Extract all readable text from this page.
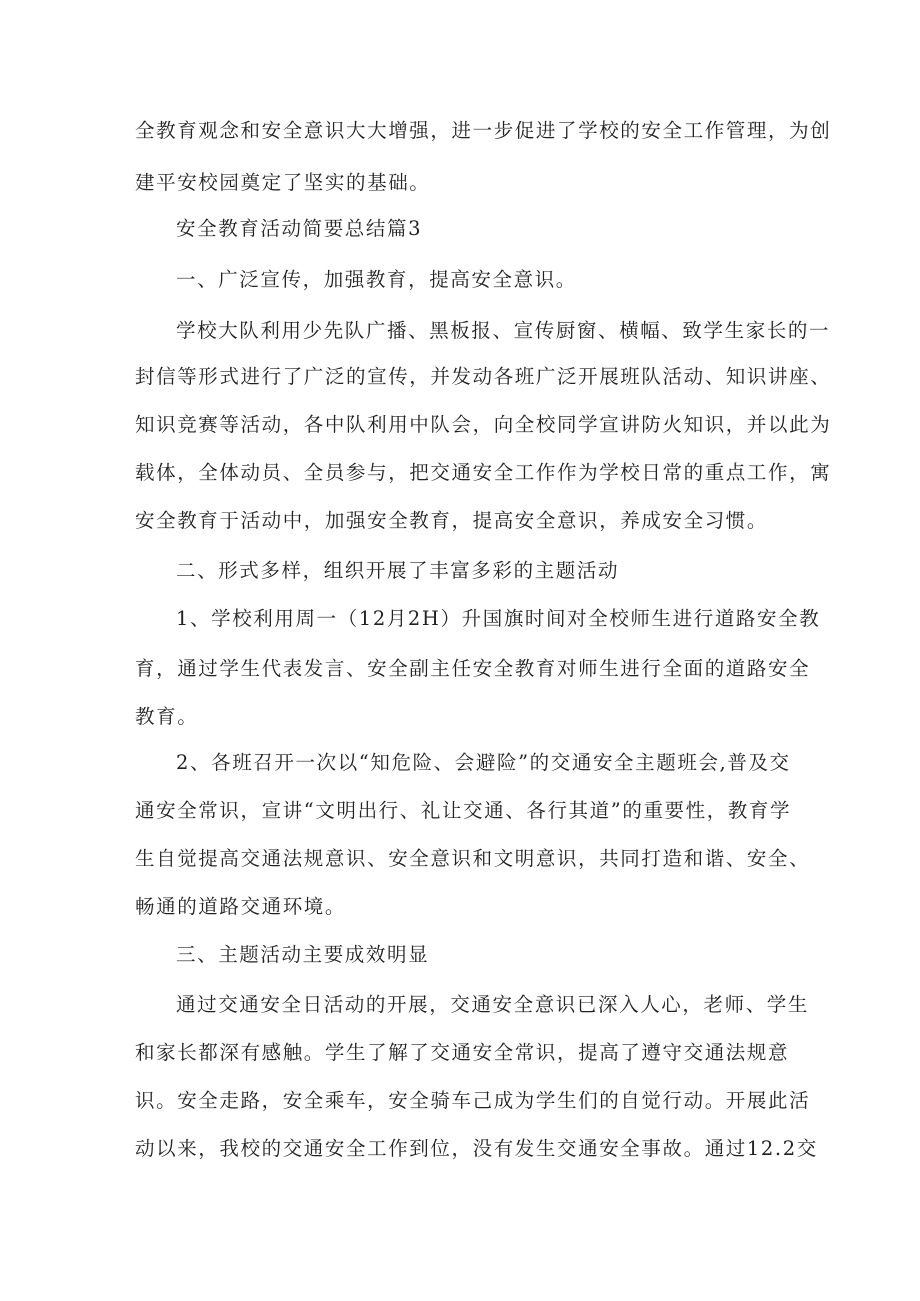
全教育观念和安全意识大大增强，进一步促进了学校的安全工作管理，为创
建平安校园奠定了坚实的基础。
安全教育活动简要总结篇3
一、广泛宣传，加强教育，提高安全意识。
学校大队利用少先队广播、黑板报、宣传厨窗、横幅、致学生家长的一
封信等形式进行了广泛的宣传，并发动各班广泛开展班队活动、知识讲座、
知识竞赛等活动，各中队利用中队会，向全校同学宣讲防火知识，并以此为
载体，全体动员、全员参与，把交通安全工作作为学校日常的重点工作，寓
安全教育于活动中，加强安全教育，提高安全意识，养成安全习惯。
二、形式多样，组织开展了丰富多彩的主题活动
1、学校利用周一（12月2H）升国旗时间对全校师生进行道路安全教
育，通过学生代表发言、安全副主任安全教育对师生进行全面的道路安全
教育。
2、各班召开一次以“知危险、会避险”的交通安全主题班会,普及交
通安全常识，宣讲“文明出行、礼让交通、各行其道”的重要性，教育学
生自觉提高交通法规意识、安全意识和文明意识，共同打造和谐、安全、
畅通的道路交通环境。
三、主题活动主要成效明显
通过交通安全日活动的开展，交通安全意识已深入人心，老师、学生
和家长都深有感触。学生了解了交通安全常识，提高了遵守交通法规意
识。安全走路，安全乘车，安全骑车己成为学生们的自觉行动。开展此活
动以来，我校的交通安全工作到位，没有发生交通安全事故。通过12.2交
